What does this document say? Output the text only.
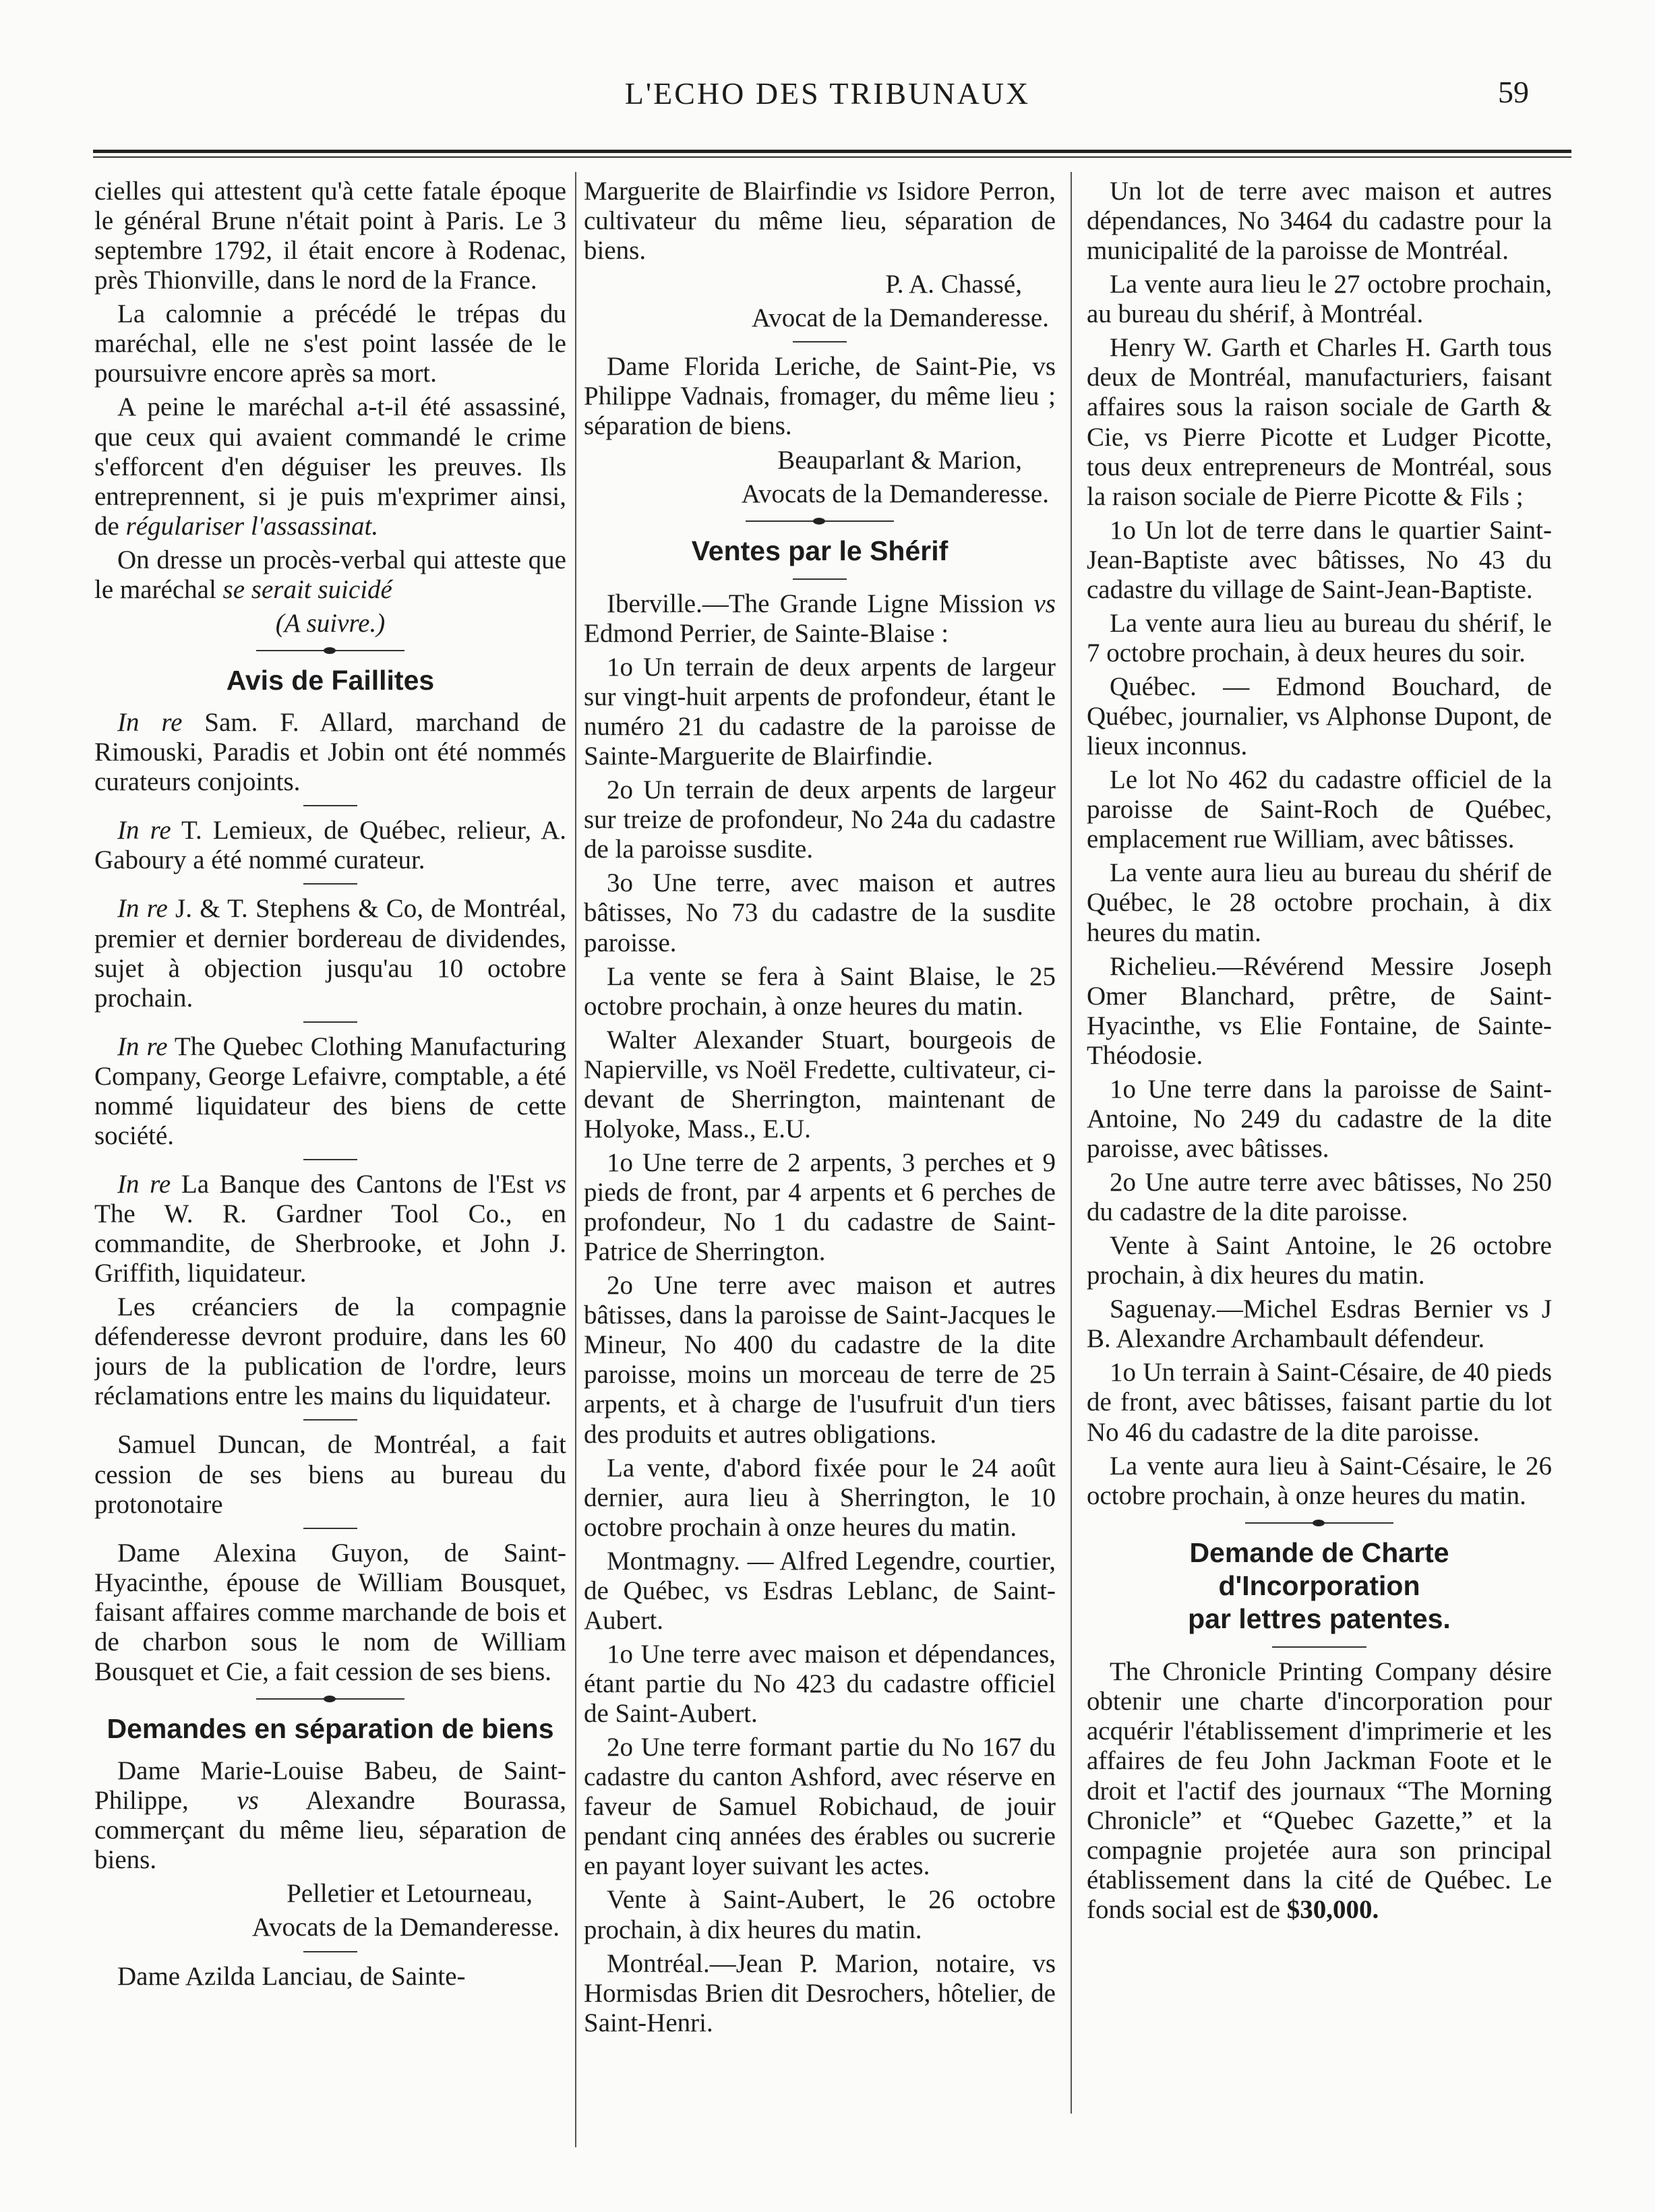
L'ECHO DES TRIBUNAUX	59

cielles qui attestent qu'à cette fatale époque le général Brune n'était point à Paris. Le 3 septembre 1792, il était encore à Rodenac, près Thionville, dans le nord de la France.

La calomnie a précédé le trépas du maréchal, elle ne s'est point lassée de le poursuivre encore après sa mort.

A peine le maréchal a-t-il été assassiné, que ceux qui avaient commandé le crime s'efforcent d'en déguiser les preuves. Ils entreprennent, si je puis m'exprimer ainsi, de régulariser l'assassinat.

On dresse un procès-verbal qui atteste que le maréchal se serait suicidé

(A suivre.)

Avis de Faillites

In re Sam. F. Allard, marchand de Rimouski, Paradis et Jobin ont été nommés curateurs conjoints.

In re T. Lemieux, de Québec, relieur, A. Gaboury a été nommé curateur.

In re J. & T. Stephens & Co, de Montréal, premier et dernier bordereau de dividendes, sujet à objection jusqu'au 10 octobre prochain.

In re The Quebec Clothing Manufacturing Company, George Lefaivre, comptable, a été nommé liquidateur des biens de cette société.

In re La Banque des Cantons de l'Est vs The W. R. Gardner Tool Co., en commandite, de Sherbrooke, et John J. Griffith, liquidateur.

Les créanciers de la compagnie défenderesse devront produire, dans les 60 jours de la publication de l'ordre, leurs réclamations entre les mains du liquidateur.

Samuel Duncan, de Montréal, a fait cession de ses biens au bureau du protonotaire

Dame Alexina Guyon, de Saint-Hyacinthe, épouse de William Bousquet, faisant affaires comme marchande de bois et de charbon sous le nom de William Bousquet et Cie, a fait cession de ses biens.

Demandes en séparation de biens

Dame Marie-Louise Babeu, de Saint-Philippe, vs Alexandre Bourassa, commerçant du même lieu, séparation de biens.

Pelletier et Letourneau,

Avocats de la Demanderesse.

Dame Azilda Lanciau, de Sainte-

Marguerite de Blairfindie vs Isidore Perron, cultivateur du même lieu, séparation de biens.

P. A. Chassé,

Avocat de la Demanderesse.

Dame Florida Leriche, de Saint-Pie, vs Philippe Vadnais, fromager, du même lieu ; séparation de biens.

Beauparlant & Marion,

Avocats de la Demanderesse.

Ventes par le Shérif

Iberville.—The Grande Ligne Mission vs Edmond Perrier, de Sainte-Blaise :

1o Un terrain de deux arpents de largeur sur vingt-huit arpents de profondeur, étant le numéro 21 du cadastre de la paroisse de Sainte-Marguerite de Blairfindie.

2o Un terrain de deux arpents de largeur sur treize de profondeur, No 24a du cadastre de la paroisse susdite.

3o Une terre, avec maison et autres bâtisses, No 73 du cadastre de la susdite paroisse.

La vente se fera à Saint Blaise, le 25 octobre prochain, à onze heures du matin.

Walter Alexander Stuart, bourgeois de Napierville, vs Noël Fredette, cultivateur, ci-devant de Sherrington, maintenant de Holyoke, Mass., E.U.

1o Une terre de 2 arpents, 3 perches et 9 pieds de front, par 4 arpents et 6 perches de profondeur, No 1 du cadastre de Saint-Patrice de Sherrington.

2o Une terre avec maison et autres bâtisses, dans la paroisse de Saint-Jacques le Mineur, No 400 du cadastre de la dite paroisse, moins un morceau de terre de 25 arpents, et à charge de l'usufruit d'un tiers des produits et autres obligations.

La vente, d'abord fixée pour le 24 août dernier, aura lieu à Sherrington, le 10 octobre prochain à onze heures du matin.

Montmagny. — Alfred Legendre, courtier, de Québec, vs Esdras Leblanc, de Saint-Aubert.

1o Une terre avec maison et dépendances, étant partie du No 423 du cadastre officiel de Saint-Aubert.

2o Une terre formant partie du No 167 du cadastre du canton Ashford, avec réserve en faveur de Samuel Robichaud, de jouir pendant cinq années des érables ou sucrerie en payant loyer suivant les actes.

Vente à Saint-Aubert, le 26 octobre prochain, à dix heures du matin.

Montréal.—Jean P. Marion, notaire, vs Hormisdas Brien dit Desrochers, hôtelier, de Saint-Henri.

Un lot de terre avec maison et autres dépendances, No 3464 du cadastre pour la municipalité de la paroisse de Montréal.

La vente aura lieu le 27 octobre prochain, au bureau du shérif, à Montréal.

Henry W. Garth et Charles H. Garth tous deux de Montréal, manufacturiers, faisant affaires sous la raison sociale de Garth & Cie, vs Pierre Picotte et Ludger Picotte, tous deux entrepreneurs de Montréal, sous la raison sociale de Pierre Picotte & Fils ;

1o Un lot de terre dans le quartier Saint-Jean-Baptiste avec bâtisses, No 43 du cadastre du village de Saint-Jean-Baptiste.

La vente aura lieu au bureau du shérif, le 7 octobre prochain, à deux heures du soir.

Québec. — Edmond Bouchard, de Québec, journalier, vs Alphonse Dupont, de lieux inconnus.

Le lot No 462 du cadastre officiel de la paroisse de Saint-Roch de Québec, emplacement rue William, avec bâtisses.

La vente aura lieu au bureau du shérif de Québec, le 28 octobre prochain, à dix heures du matin.

Richelieu.—Révérend Messire Joseph Omer Blanchard, prêtre, de Saint-Hyacinthe, vs Elie Fontaine, de Sainte-Théodosie.

1o Une terre dans la paroisse de Saint-Antoine, No 249 du cadastre de la dite paroisse, avec bâtisses.

2o Une autre terre avec bâtisses, No 250 du cadastre de la dite paroisse.

Vente à Saint Antoine, le 26 octobre prochain, à dix heures du matin.

Saguenay.—Michel Esdras Bernier vs J B. Alexandre Archambault défendeur.

1o Un terrain à Saint-Césaire, de 40 pieds de front, avec bâtisses, faisant partie du lot No 46 du cadastre de la dite paroisse.

La vente aura lieu à Saint-Césaire, le 26 octobre prochain, à onze heures du matin.

Demande de Charte d'Incorporation
par lettres patentes.

The Chronicle Printing Company désire obtenir une charte d'incorporation pour acquérir l'établissement d'imprimerie et les affaires de feu John Jackman Foote et le droit et l'actif des journaux “The Morning Chronicle” et “Quebec Gazette,” et la compagnie projetée aura son principal établissement dans la cité de Québec. Le fonds social est de $30,000.
